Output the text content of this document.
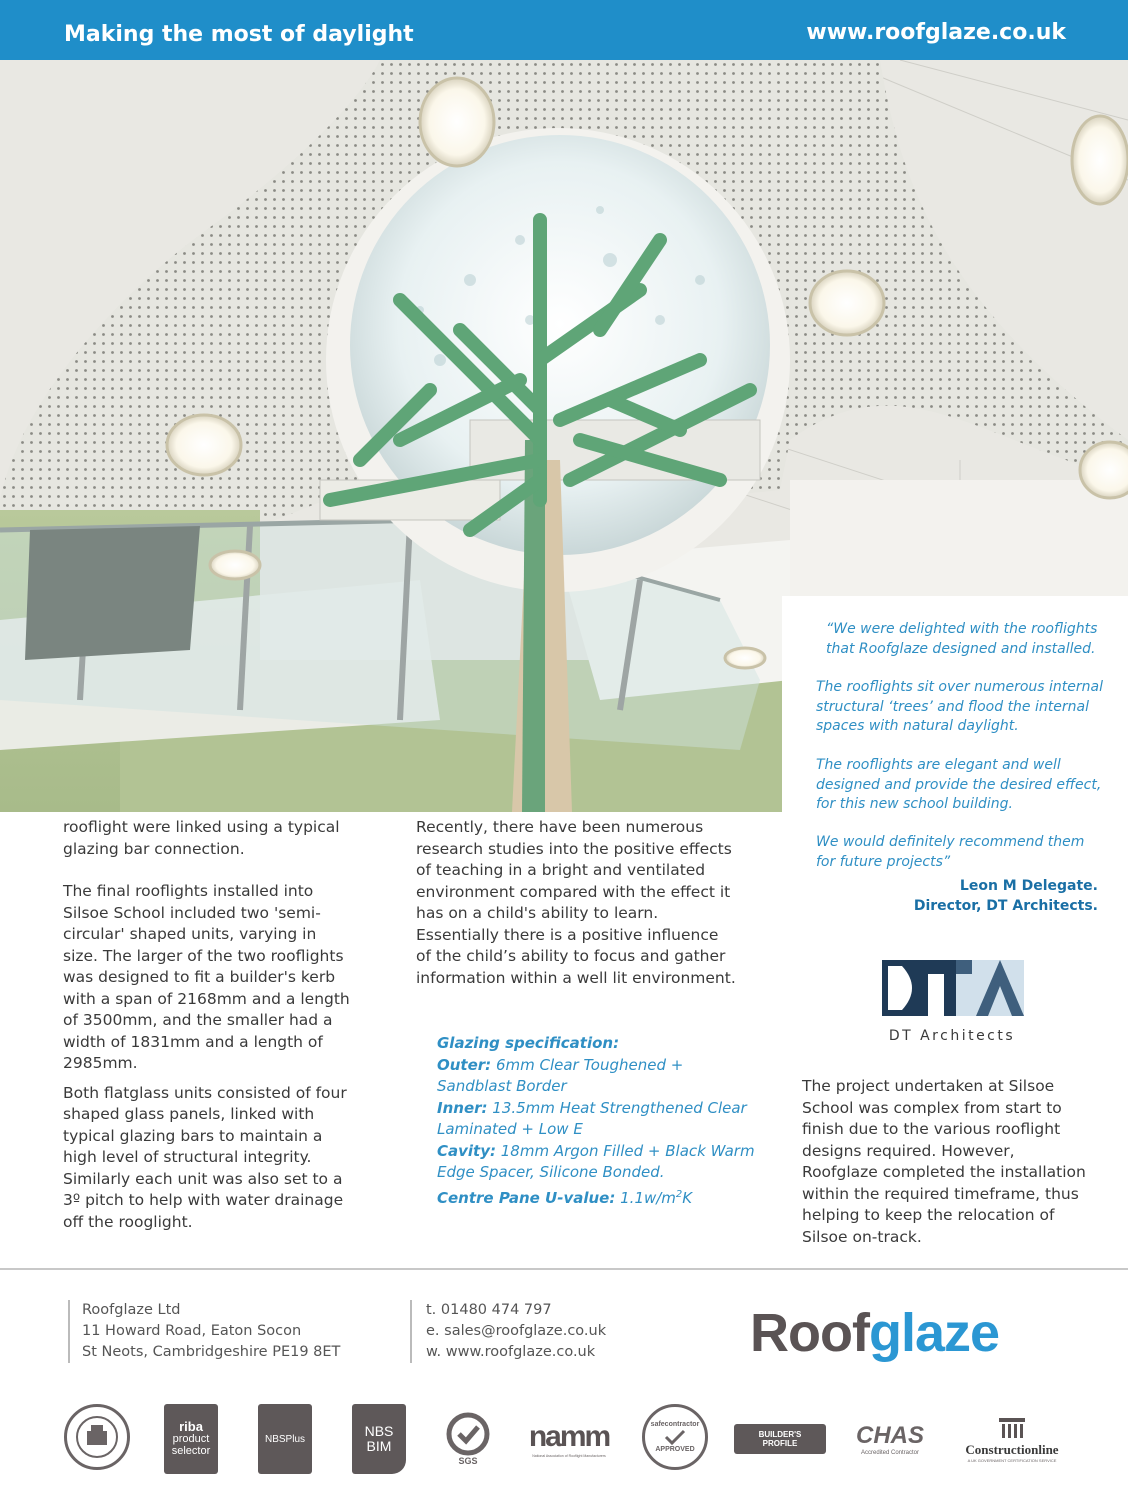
Making the most of daylight	www.roofglaze.co.uk

“We were delighted with the rooflights that Roofglaze designed and installed.

The rooflights sit over numerous internal structural ‘trees’ and flood the internal spaces with natural daylight.

The rooflights are elegant and well designed and provide the desired effect, for this new school building.

We would definitely recommend them for future projects”

Leon M Delegate.
Director, DT Architects.

rooflight were linked using a typical glazing bar connection.

The final rooflights installed into Silsoe School included two 'semi-circular' shaped units, varying in size. The larger of the two rooflights was designed to fit a builder's kerb with a span of 2168mm and a length of 3500mm, and the smaller had a width of 1831mm and a length of 2985mm.

Both flatglass units consisted of four shaped glass panels, linked with typical glazing bars to maintain a high level of structural integrity. Similarly each unit was also set to a 3º pitch to help with water drainage off the rooglight.

Recently, there have been numerous research studies into the positive effects of teaching in a bright and ventilated environment compared with the effect it has on a child's ability to learn. Essentially there is a positive influence of the child’s ability to focus and gather information within a well lit environment.

Glazing specification:
Outer: 6mm Clear Toughened + Sandblast Border
Inner: 13.5mm Heat Strengthened Clear Laminated + Low E
Cavity: 18mm Argon Filled + Black Warm Edge Spacer, Silicone Bonded.
Centre Pane U-value: $1.1w/m^2K$
DT Architects

The project undertaken at Silsoe School was complex from start to finish due to the various rooflight designs required. However, Roofglaze completed the installation within the required timeframe, thus helping to keep the relocation of Silsoe on-track.

Roofglaze Ltd
11 Howard Road, Eaton Socon
St Neots, Cambridgeshire PE19 8ET
t. 01480 474 797
e. sales@roofglaze.co.uk
w. www.roofglaze.co.uk	Roofglaze
riba
product
selector
NBSPlus	NBS
BIM
SGS
namm
National Association of Rooflight Manufacturers
safecontractor
APPROVED
BUILDER'S
PROFILE CHAS
Accredited Contractor	Constructionline
A UK GOVERNMENT CERTIFICATION SERVICE
